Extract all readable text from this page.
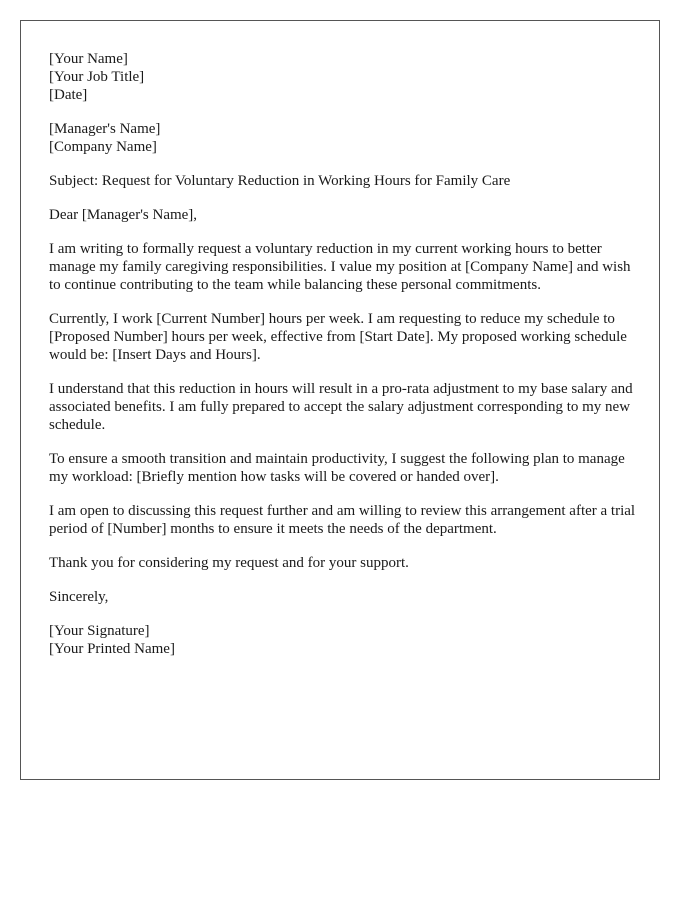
[Your Name]
[Your Job Title]
[Date]
[Manager's Name]
[Company Name]
Subject: Request for Voluntary Reduction in Working Hours for Family Care
Dear [Manager's Name],

I am writing to formally request a voluntary reduction in my current working hours to better manage my family caregiving responsibilities. I value my position at [Company Name] and wish to continue contributing to the team while balancing these personal commitments.

Currently, I work [Current Number] hours per week. I am requesting to reduce my schedule to [Proposed Number] hours per week, effective from [Start Date]. My proposed working schedule would be: [Insert Days and Hours].

I understand that this reduction in hours will result in a pro-rata adjustment to my base salary and associated benefits. I am fully prepared to accept the salary adjustment corresponding to my new schedule.

To ensure a smooth transition and maintain productivity, I suggest the following plan to manage my workload: [Briefly mention how tasks will be covered or handed over].

I am open to discussing this request further and am willing to review this arrangement after a trial period of [Number] months to ensure it meets the needs of the department.

Thank you for considering my request and for your support.

Sincerely,
[Your Signature]
[Your Printed Name]
